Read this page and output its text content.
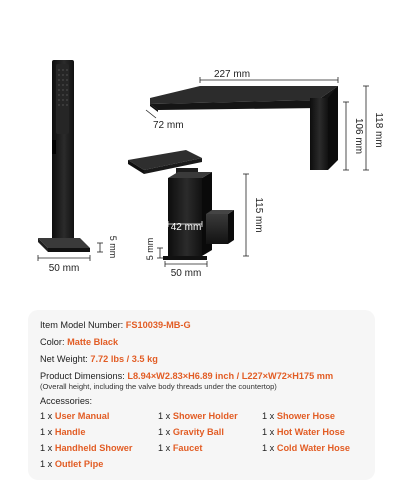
227 mm
72 mm	106 mm 118 mm
115 mm
42 mm
5 mm
50 mm
5 mm
50 mm
Item Model Number: FS10039-MB-G
Color: Matte Black
Net Weight: 7.72 lbs / 3.5 kg
Product Dimensions: L8.94×W2.83×H6.89 inch / L227×W72×H175 mm
(Overall height, including the valve body threads under the countertop)
Accessories:
1 x User Manual
1 x Handle
1 x Handheld Shower
1 x Outlet Pipe
1 x Shower Holder
1 x Gravity Ball
1 x Faucet
1 x Shower Hose
1 x Hot Water Hose
1 x Cold Water Hose
